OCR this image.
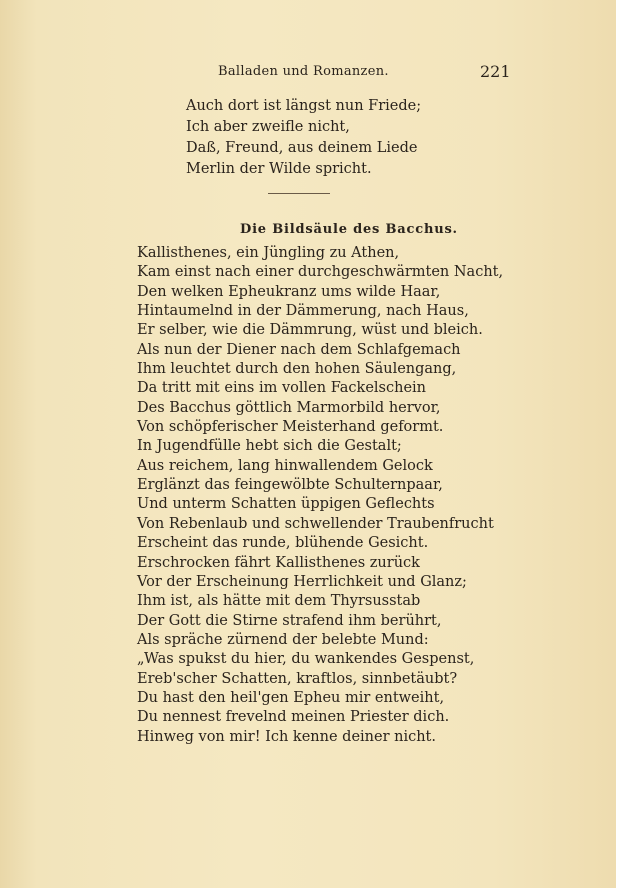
Balladen und Romanzen.	221
Auch dort ist längst nun Friede;
Ich aber zweifle nicht,
Daß, Freund, aus deinem Liede
Merlin der Wilde spricht.
Die Bildsäule des Bacchus.
Kallisthenes, ein Jüngling zu Athen,
Kam einst nach einer durchgeschwärmten Nacht,
Den welken Epheukranz ums wilde Haar,
Hintaumelnd in der Dämmerung, nach Haus,
Er selber, wie die Dämmrung, wüst und bleich.
Als nun der Diener nach dem Schlafgemach
Ihm leuchtet durch den hohen Säulengang,
Da tritt mit eins im vollen Fackelschein
Des Bacchus göttlich Marmorbild hervor,
Von schöpferischer Meisterhand geformt.
In Jugendfülle hebt sich die Gestalt;
Aus reichem, lang hinwallendem Gelock
Erglänzt das feingewölbte Schulternpaar,
Und unterm Schatten üppigen Geflechts
Von Rebenlaub und schwellender Traubenfrucht
Erscheint das runde, blühende Gesicht.
Erschrocken fährt Kallisthenes zurück
Vor der Erscheinung Herrlichkeit und Glanz;
Ihm ist, als hätte mit dem Thyrsusstab
Der Gott die Stirne strafend ihm berührt,
Als spräche zürnend der belebte Mund:
„Was spukst du hier, du wankendes Gespenst,
Ereb'scher Schatten, kraftlos, sinnbetäubt?
Du hast den heil'gen Epheu mir entweiht,
Du nennest frevelnd meinen Priester dich.
Hinweg von mir! Ich kenne deiner nicht.
